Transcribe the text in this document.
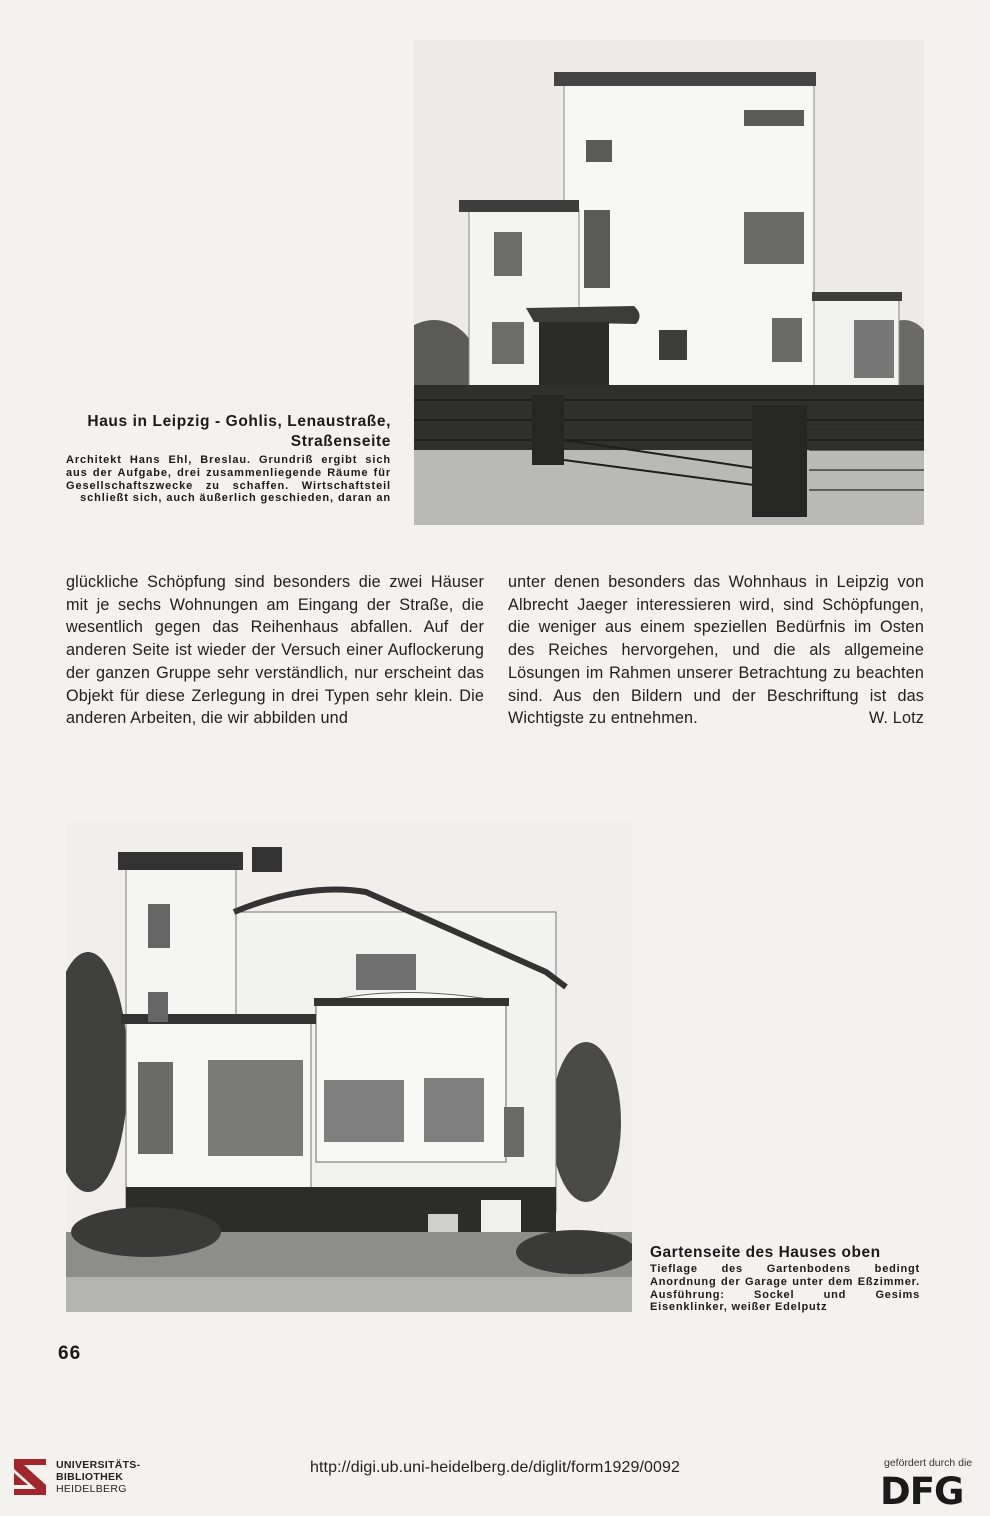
Haus in Leipzig - Gohlis, Lenaustraße,
Straßenseite
Architekt Hans Ehl, Breslau. Grundriß ergibt sich aus der Aufgabe, drei zusammenliegende Räume für Gesellschaftszwecke zu schaffen. Wirtschaftsteil schließt sich, auch äußerlich geschieden, daran an

glückliche Schöpfung sind besonders die zwei Häuser mit je sechs Wohnungen am Eingang der Straße, die wesentlich gegen das Reihenhaus abfallen. Auf der anderen Seite ist wieder der Versuch einer Auflockerung der ganzen Gruppe sehr verständlich, nur erscheint das Objekt für diese Zerlegung in drei Typen sehr klein. Die anderen Arbeiten, die wir abbilden und

unter denen besonders das Wohnhaus in Leipzig von Albrecht Jaeger interessieren wird, sind Schöpfungen, die weniger aus einem speziellen Bedürfnis im Osten des Reiches hervorgehen, und die als allgemeine Lösungen im Rahmen unserer Betrachtung zu beachten sind. Aus den Bildern und der Beschriftung ist das Wichtigste zu entnehmen.	W. Lotz

Gartenseite des Hauses oben
Tieflage des Gartenbodens bedingt Anordnung der Garage unter dem Eßzimmer. Ausführung: Sockel und Gesims Eisenklinker, weißer Edelputz
66
UNIVERSITÄTS-
BIBLIOTHEK
HEIDELBERG
http://digi.ub.uni-heidelberg.de/diglit/form1929/0092	gefördert durch die
DFG
